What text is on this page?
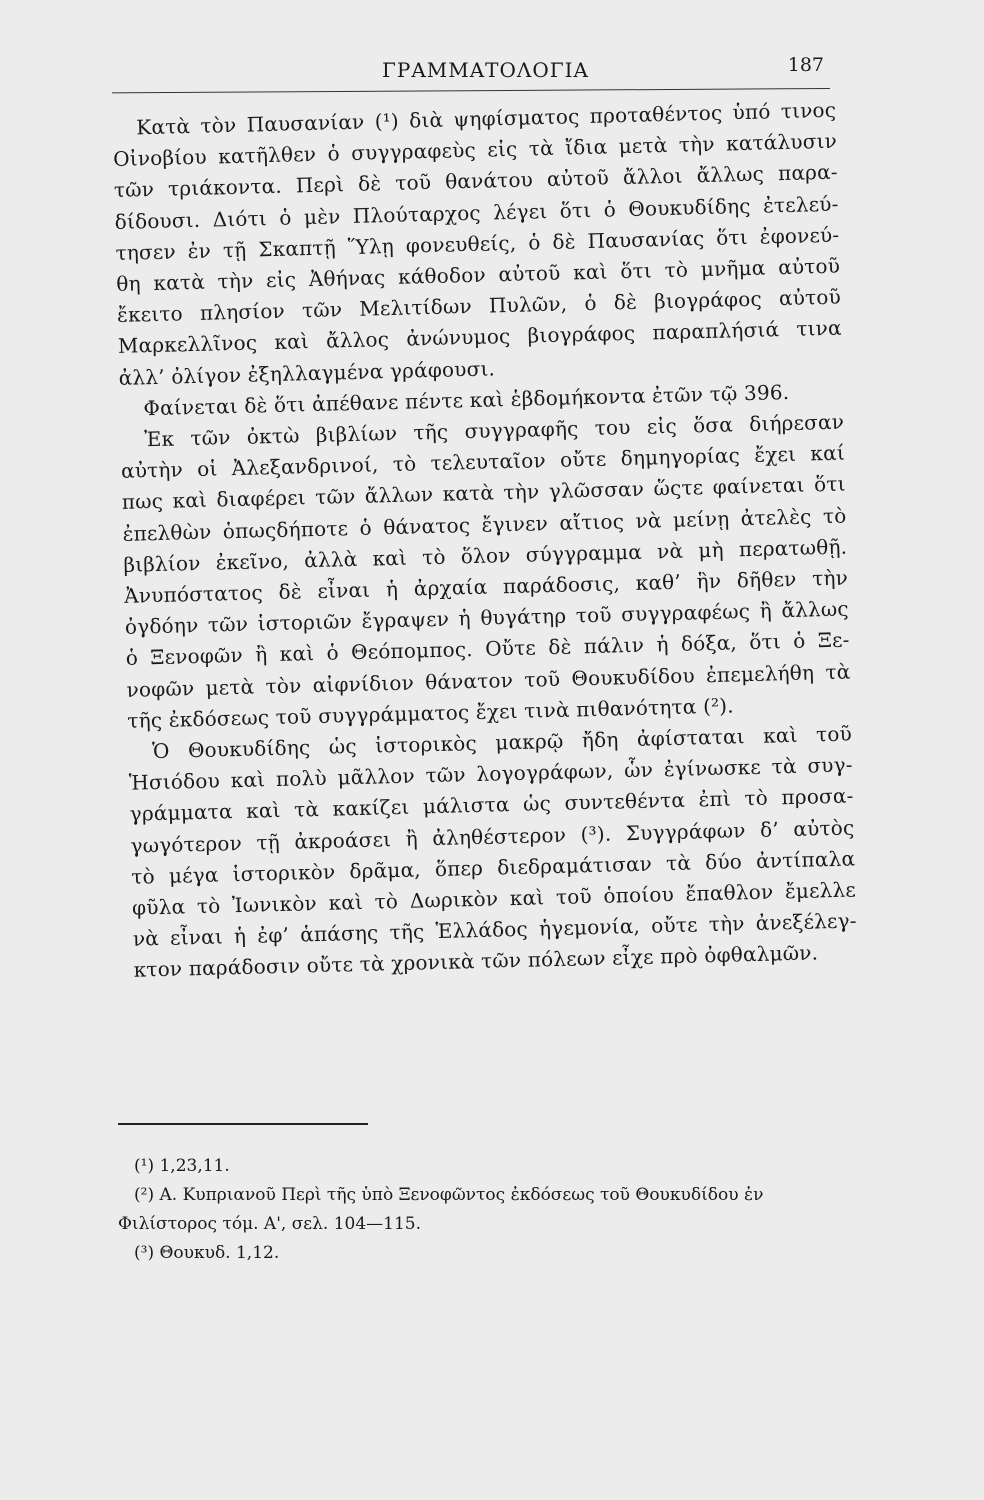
ΓΡΑΜΜΑΤΟΛΟΓΙΑ	187
Κατὰ τὸν Παυσανίαν (¹) διὰ ψηφίσματος προταθέντος ὑπό τινος
Οἰνοβίου κατῆλθεν ὁ συγγραφεὺς εἰς τὰ ἴδια μετὰ τὴν κατάλυσιν
τῶν τριάκοντα. Περὶ δὲ τοῦ θανάτου αὐτοῦ ἄλλοι ἄλλως παρα-
δίδουσι. Διότι ὁ μὲν Πλούταρχος λέγει ὅτι ὁ Θουκυδίδης ἐτελεύ-
τησεν ἐν τῇ Σκαπτῇ Ὕλῃ φονευθείς, ὁ δὲ Παυσανίας ὅτι ἐφονεύ-
θη κατὰ τὴν εἰς Ἀθήνας κάθοδον αὐτοῦ καὶ ὅτι τὸ μνῆμα αὐτοῦ
ἔκειτο πλησίον τῶν Μελιτίδων Πυλῶν, ὁ δὲ βιογράφος αὐτοῦ
Μαρκελλῖνος καὶ ἄλλος ἀνώνυμος βιογράφος παραπλήσιά τινα
ἀλλ’ ὀλίγον ἐξηλλαγμένα γράφουσι.
Φαίνεται δὲ ὅτι ἀπέθανε πέντε καὶ ἑβδομήκοντα ἐτῶν τῷ 396.
Ἐκ τῶν ὀκτὼ βιβλίων τῆς συγγραφῆς του εἰς ὅσα διήρεσαν
αὐτὴν οἱ Ἀλεξανδρινοί, τὸ τελευταῖον οὔτε δημηγορίας ἔχει καί
πως καὶ διαφέρει τῶν ἄλλων κατὰ τὴν γλῶσσαν ὥςτε φαίνεται ὅτι
ἐπελθὼν ὁπωςδήποτε ὁ θάνατος ἔγινεν αἴτιος νὰ μείνῃ ἀτελὲς τὸ
βιβλίον ἐκεῖνο, ἀλλὰ καὶ τὸ ὅλον σύγγραμμα νὰ μὴ περατωθῇ.
Ἀνυπόστατος δὲ εἶναι ἡ ἀρχαία παράδοσις, καθ’ ἣν δῆθεν τὴν
ὀγδόην τῶν ἱστοριῶν ἔγραψεν ἡ θυγάτηρ τοῦ συγγραφέως ἢ ἄλλως
ὁ Ξενοφῶν ἢ καὶ ὁ Θεόπομπος. Οὔτε δὲ πάλιν ἡ δόξα, ὅτι ὁ Ξε-
νοφῶν μετὰ τὸν αἰφνίδιον θάνατον τοῦ Θουκυδίδου ἐπεμελήθη τὰ
τῆς ἐκδόσεως τοῦ συγγράμματος ἔχει τινὰ πιθανότητα (²).
Ὁ Θουκυδίδης ὡς ἱστορικὸς μακρῷ ἤδη ἀφίσταται καὶ τοῦ
Ἡσιόδου καὶ πολὺ μᾶλλον τῶν λογογράφων, ὧν ἐγίνωσκε τὰ συγ-
γράμματα καὶ τὰ κακίζει μάλιστα ὡς συντεθέντα ἐπὶ τὸ προσα-
γωγότερον τῇ ἀκροάσει ἢ ἀληθέστερον (³). Συγγράφων δ’ αὐτὸς
τὸ μέγα ἱστορικὸν δρᾶμα, ὅπερ διεδραμάτισαν τὰ δύο ἀντίπαλα
φῦλα τὸ Ἰωνικὸν καὶ τὸ Δωρικὸν καὶ τοῦ ὁποίου ἔπαθλον ἔμελλε
νὰ εἶναι ἡ ἐφ’ ἁπάσης τῆς Ἑλλάδος ἡγεμονία, οὔτε τὴν ἀνεξέλεγ-
κτον παράδοσιν οὔτε τὰ χρονικὰ τῶν πόλεων εἶχε πρὸ ὀφθαλμῶν.
(¹) 1,23,11.
(²) Α. Κυπριανοῦ Περὶ τῆς ὑπὸ Ξενοφῶντος ἐκδόσεως τοῦ Θουκυδίδου ἐν
Φιλίστορος τόμ. Α', σελ. 104—115.
(³) Θουκυδ. 1,12.
